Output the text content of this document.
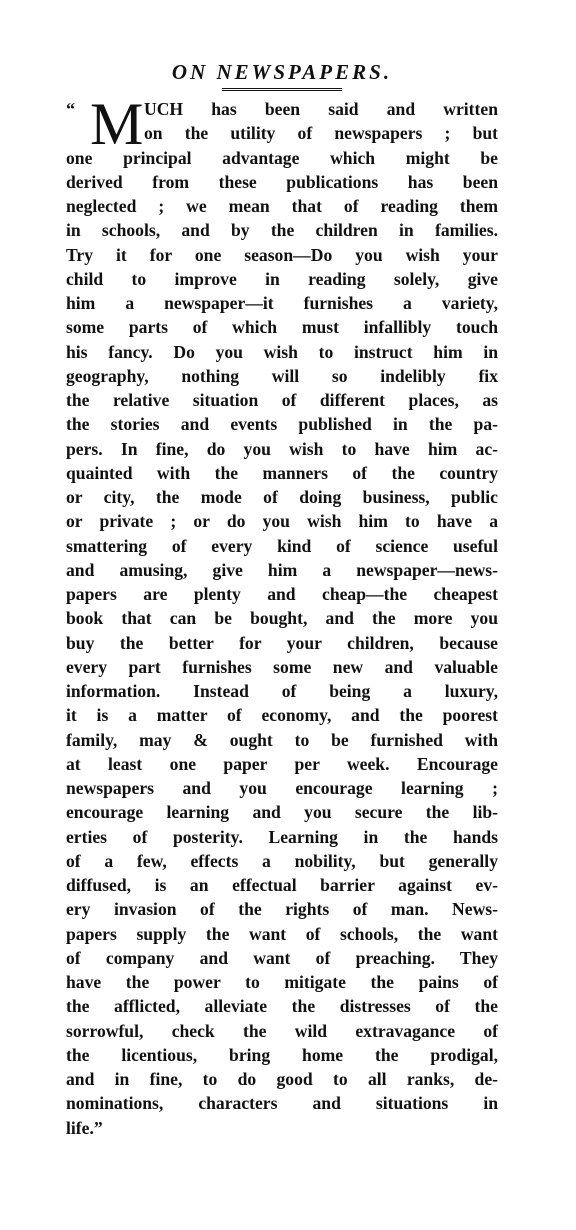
ON NEWSPAPERS.
“ M UCH has been said and written
on the utility of newspapers ; but
one principal advantage which might be
derived from these publications has been
neglected ; we mean that of reading them
in schools, and by the children in families.
Try it for one season—Do you wish your
child to improve in reading solely, give
him a newspaper—it furnishes a variety,
some parts of which must infallibly touch
his fancy. Do you wish to instruct him in
geography, nothing will so indelibly fix
the relative situation of different places, as
the stories and events published in the pa-
pers. In fine, do you wish to have him ac-
quainted with the manners of the country
or city, the mode of doing business, public
or private ; or do you wish him to have a
smattering of every kind of science useful
and amusing, give him a newspaper—news-
papers are plenty and cheap—the cheapest
book that can be bought, and the more you
buy the better for your children, because
every part furnishes some new and valuable
information. Instead of being a luxury,
it is a matter of economy, and the poorest
family, may & ought to be furnished with
at least one paper per week. Encourage
newspapers and you encourage learning ;
encourage learning and you secure the lib-
erties of posterity. Learning in the hands
of a few, effects a nobility, but generally
diffused, is an effectual barrier against ev-
ery invasion of the rights of man. News-
papers supply the want of schools, the want
of company and want of preaching. They
have the power to mitigate the pains of
the afflicted, alleviate the distresses of the
sorrowful, check the wild extravagance of
the licentious, bring home the prodigal,
and in fine, to do good to all ranks, de-
nominations, characters and situations in
life.”
